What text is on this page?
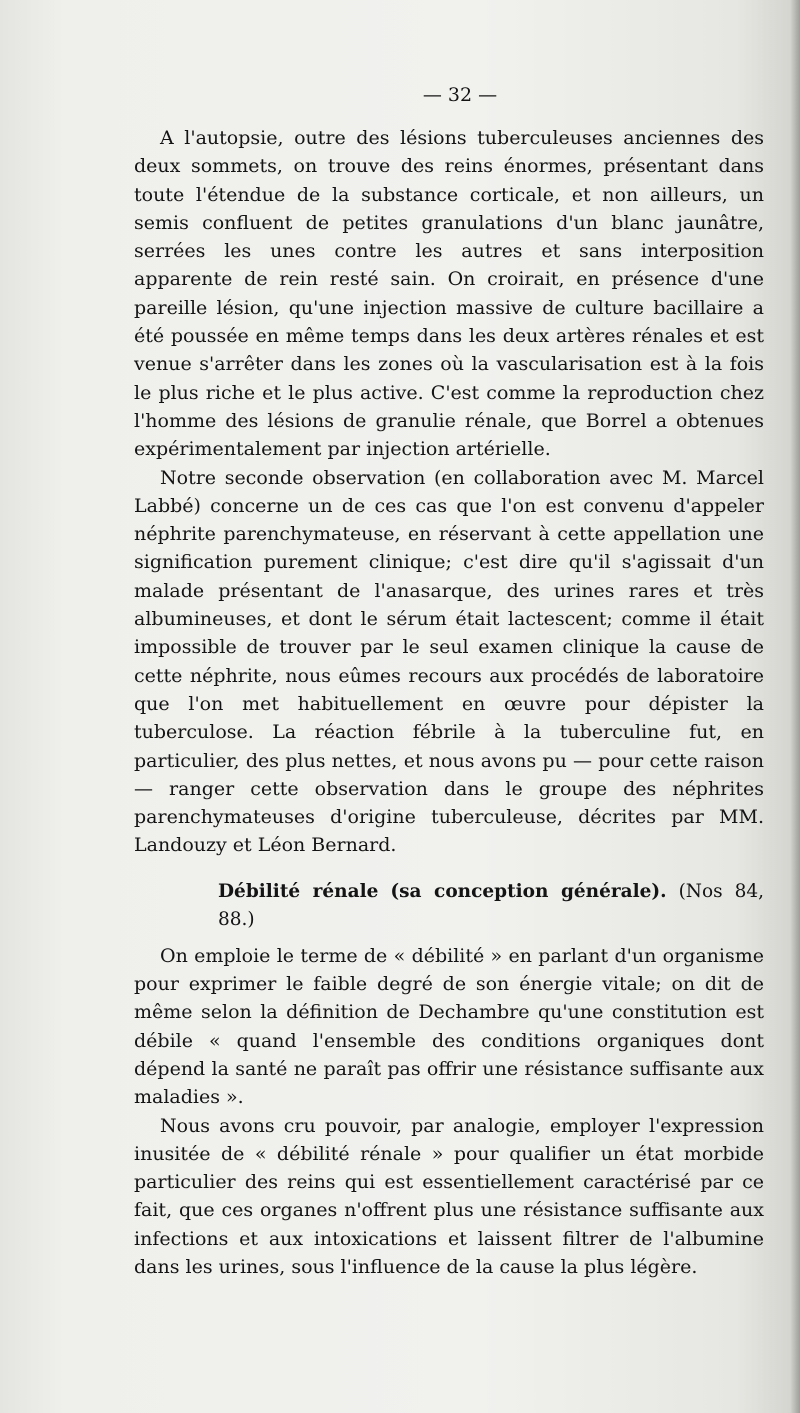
— 32 —

A l'autopsie, outre des lésions tuberculeuses anciennes des deux sommets, on trouve des reins énormes, présentant dans toute l'étendue de la substance corticale, et non ailleurs, un semis confluent de petites granulations d'un blanc jaunâtre, serrées les unes contre les autres et sans interposition apparente de rein resté sain. On croirait, en présence d'une pareille lésion, qu'une injection massive de culture bacillaire a été poussée en même temps dans les deux artères rénales et est venue s'arrêter dans les zones où la vascularisation est à la fois le plus riche et le plus active. C'est comme la reproduction chez l'homme des lésions de granulie rénale, que Borrel a obtenues expérimentalement par injection artérielle.

Notre seconde observation (en collaboration avec M. Marcel Labbé) concerne un de ces cas que l'on est convenu d'appeler néphrite parenchymateuse, en réservant à cette appellation une signification purement clinique; c'est dire qu'il s'agissait d'un malade présentant de l'anasarque, des urines rares et très albumineuses, et dont le sérum était lactescent; comme il était impossible de trouver par le seul examen clinique la cause de cette néphrite, nous eûmes recours aux procédés de laboratoire que l'on met habituellement en œuvre pour dépister la tuberculose. La réaction fébrile à la tuberculine fut, en particulier, des plus nettes, et nous avons pu — pour cette raison — ranger cette observation dans le groupe des néphrites parenchymateuses d'origine tuberculeuse, décrites par MM. Landouzy et Léon Bernard.

Débilité rénale (sa conception générale). (Nos 84, 88.)

On emploie le terme de « débilité » en parlant d'un organisme pour exprimer le faible degré de son énergie vitale; on dit de même selon la définition de Dechambre qu'une constitution est débile « quand l'ensemble des conditions organiques dont dépend la santé ne paraît pas offrir une résistance suffisante aux maladies ».

Nous avons cru pouvoir, par analogie, employer l'expression inusitée de « débilité rénale » pour qualifier un état morbide particulier des reins qui est essentiellement caractérisé par ce fait, que ces organes n'offrent plus une résistance suffisante aux infections et aux intoxications et laissent filtrer de l'albumine dans les urines, sous l'influence de la cause la plus légère.
